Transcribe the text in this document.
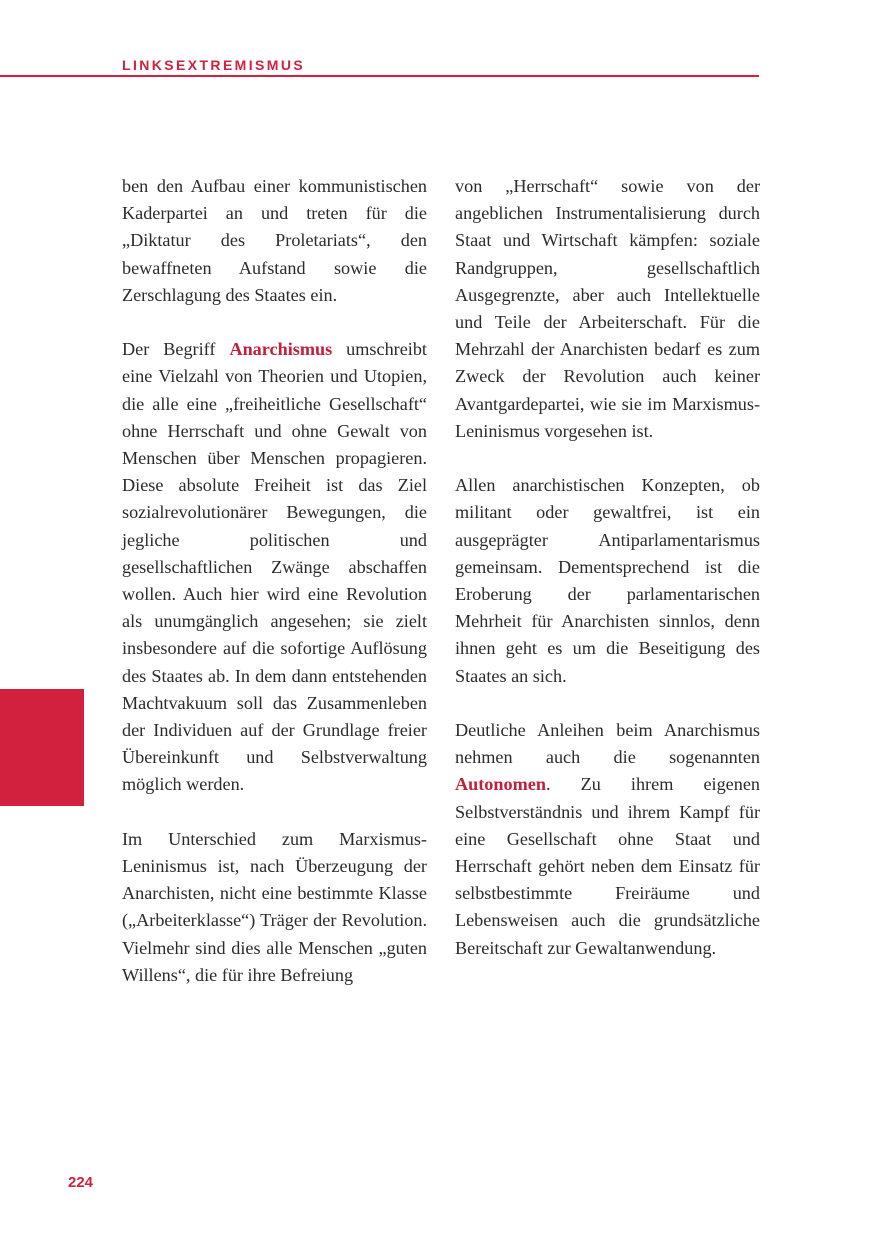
LINKSEXTREMISMUS

ben den Aufbau einer kommunistischen Kaderpartei an und treten für die „Diktatur des Proletariats“, den bewaffneten Aufstand sowie die Zerschlagung des Staates ein.

Der Begriff Anarchismus umschreibt eine Vielzahl von Theorien und Utopien, die alle eine „freiheitliche Gesellschaft“ ohne Herrschaft und ohne Gewalt von Menschen über Menschen propagieren. Diese absolute Freiheit ist das Ziel sozialrevolutionärer Bewegungen, die jegliche politischen und gesellschaftlichen Zwänge abschaffen wollen. Auch hier wird eine Revolution als unumgänglich angesehen; sie zielt insbesondere auf die sofortige Auflösung des Staates ab. In dem dann entstehenden Machtvakuum soll das Zusammenleben der Individuen auf der Grundlage freier Übereinkunft und Selbstverwaltung möglich werden.

Im Unterschied zum Marxismus-Leninismus ist, nach Überzeugung der Anarchisten, nicht eine bestimmte Klasse („Arbeiterklasse“) Träger der Revolution. Vielmehr sind dies alle Menschen „guten Willens“, die für ihre Befreiung

von „Herrschaft“ sowie von der angeblichen Instrumentalisierung durch Staat und Wirtschaft kämpfen: soziale Randgruppen, gesellschaftlich Ausgegrenzte, aber auch Intellektuelle und Teile der Arbeiterschaft. Für die Mehrzahl der Anarchisten bedarf es zum Zweck der Revolution auch keiner Avantgardepartei, wie sie im Marxismus-Leninismus vorgesehen ist.

Allen anarchistischen Konzepten, ob militant oder gewaltfrei, ist ein ausgeprägter Antiparlamentarismus gemeinsam. Dementsprechend ist die Eroberung der parlamentarischen Mehrheit für Anarchisten sinnlos, denn ihnen geht es um die Beseitigung des Staates an sich.

Deutliche Anleihen beim Anarchismus nehmen auch die sogenannten Autonomen. Zu ihrem eigenen Selbstverständnis und ihrem Kampf für eine Gesellschaft ohne Staat und Herrschaft gehört neben dem Einsatz für selbstbestimmte Freiräume und Lebensweisen auch die grundsätzliche Bereitschaft zur Gewaltanwendung.

224
